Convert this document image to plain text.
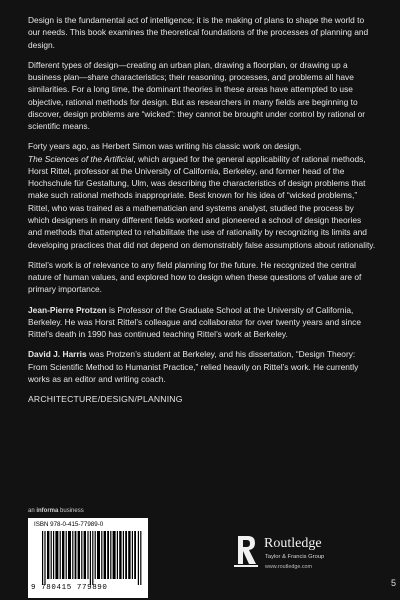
Design is the fundamental act of intelligence; it is the making of plans to shape the world to our needs. This book examines the theoretical foundations of the processes of planning and design.

Different types of design—creating an urban plan, drawing a floorplan, or drawing up a business plan—share characteristics; their reasoning, processes, and problems all have similarities. For a long time, the dominant theories in these areas have attempted to use objective, rational methods for design. But as researchers in many fields are beginning to discover, design problems are “wicked”: they cannot be brought under control by rational or scientific means.

Forty years ago, as Herbert Simon was writing his classic work on design,
The Sciences of the Artificial, which argued for the general applicability of rational methods, Horst Rittel, professor at the University of California, Berkeley, and former head of the Hochschule für Gestaltung, Ulm, was describing the characteristics of design problems that make such rational methods inappropriate. Best known for his idea of “wicked problems,” Rittel, who was trained as a mathematician and systems analyst, studied the process by which designers in many different fields worked and pioneered a school of design theories and methods that attempted to rehabilitate the use of rationality by recognizing its limits and developing practices that did not depend on demonstrably false assumptions about rationality.

Rittel’s work is of relevance to any field planning for the future. He recognized the central nature of human values, and explored how to design when these questions of value are of primary importance.

Jean-Pierre Protzen is Professor of the Graduate School at the University of California, Berkeley. He was Horst Rittel’s colleague and collaborator for over twenty years and since Rittel’s death in 1990 has continued teaching Rittel’s work at Berkeley.

David J. Harris was Protzen’s student at Berkeley, and his dissertation, “Design Theory: From Scientific Method to Humanist Practice,” relied heavily on Rittel’s work. He currently works as an editor and writing coach.

ARCHITECTURE/DESIGN/PLANNING
an informa business
ISBN 978-0-415-77989-0
9 780415 779890
Routledge
Taylor & Francis Group
www.routledge.com
5
